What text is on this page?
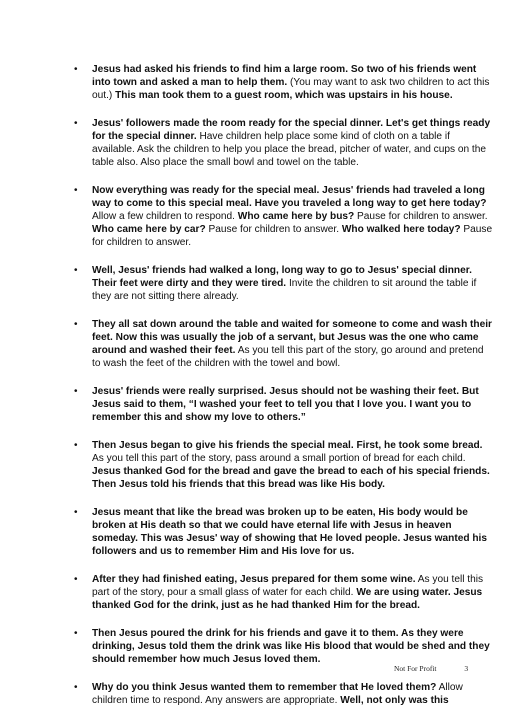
• Jesus had asked his friends to find him a large room. So two of his friends went into town and asked a man to help them. (You may want to ask two children to act this out.) This man took them to a guest room, which was upstairs in his house.
• Jesus' followers made the room ready for the special dinner. Let's get things ready for the special dinner. Have children help place some kind of cloth on a table if available. Ask the children to help you place the bread, pitcher of water, and cups on the table also. Also place the small bowl and towel on the table.
• Now everything was ready for the special meal. Jesus' friends had traveled a long way to come to this special meal. Have you traveled a long way to get here today? Allow a few children to respond. Who came here by bus? Pause for children to answer. Who came here by car? Pause for children to answer. Who walked here today? Pause for children to answer.
• Well, Jesus' friends had walked a long, long way to go to Jesus' special dinner. Their feet were dirty and they were tired. Invite the children to sit around the table if they are not sitting there already.
• They all sat down around the table and waited for someone to come and wash their feet. Now this was usually the job of a servant, but Jesus was the one who came around and washed their feet. As you tell this part of the story, go around and pretend to wash the feet of the children with the towel and bowl.
• Jesus' friends were really surprised. Jesus should not be washing their feet. But Jesus said to them, “I washed your feet to tell you that I love you. I want you to remember this and show my love to others.”
• Then Jesus began to give his friends the special meal. First, he took some bread. As you tell this part of the story, pass around a small portion of bread for each child. Jesus thanked God for the bread and gave the bread to each of his special friends. Then Jesus told his friends that this bread was like His body.
• Jesus meant that like the bread was broken up to be eaten, His body would be broken at His death so that we could have eternal life with Jesus in heaven someday. This was Jesus' way of showing that He loved people. Jesus wanted his followers and us to remember Him and His love for us.
• After they had finished eating, Jesus prepared for them some wine. As you tell this part of the story, pour a small glass of water for each child. We are using water. Jesus thanked God for the drink, just as he had thanked Him for the bread.
• Then Jesus poured the drink for his friends and gave it to them. As they were drinking, Jesus told them the drink was like His blood that would be shed and they should remember how much Jesus loved them.
• Why do you think Jesus wanted them to remember that He loved them? Allow children time to respond. Any answers are appropriate. Well, not only was this
Not For Profit	3
